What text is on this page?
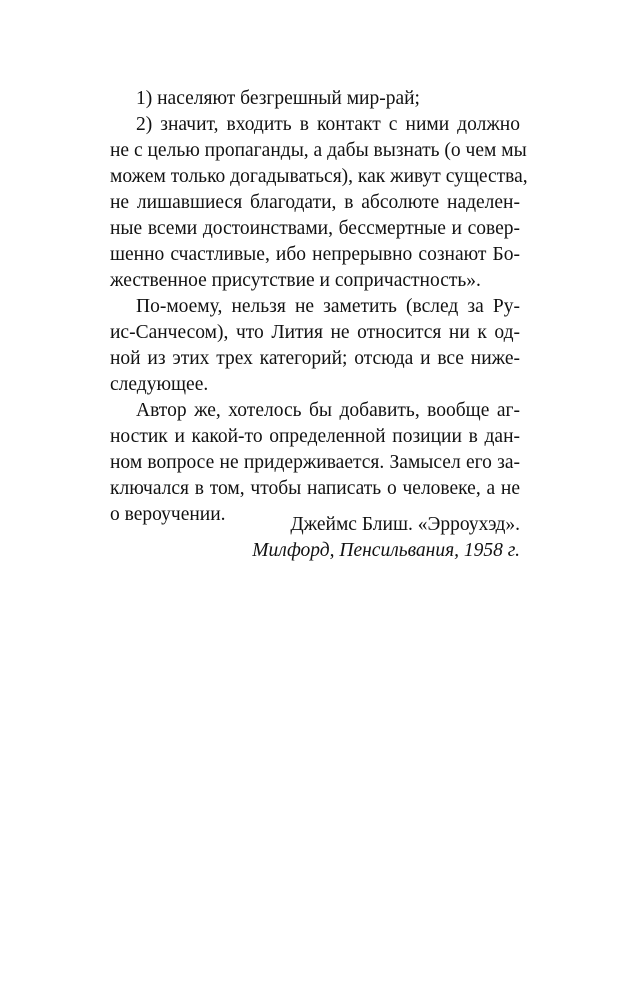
1) населяют безгрешный мир-рай;

2) значит, входить в контакт с ними должно
не с целью пропаганды, а дабы вызнать (о чем мы
можем только догадываться), как живут существа,
не лишавшиеся благодати, в абсолюте наделен-
ные всеми достоинствами, бессмертные и совер-
шенно счастливые, ибо непрерывно сознают Бо-
жественное присутствие и сопричастность».

По-моему, нельзя не заметить (вслед за Ру-
ис-Санчесом), что Лития не относится ни к од-
ной из этих трех категорий; отсюда и все ниже-
следующее.

Автор же, хотелось бы добавить, вообще аг-
ностик и какой-то определенной позиции в дан-
ном вопросе не придерживается. Замысел его за-
ключался в том, чтобы написать о человеке, а не
о вероучении.	Джеймс Блиш. «Эрроухэд».
Милфорд, Пенсильвания, 1958 г.
